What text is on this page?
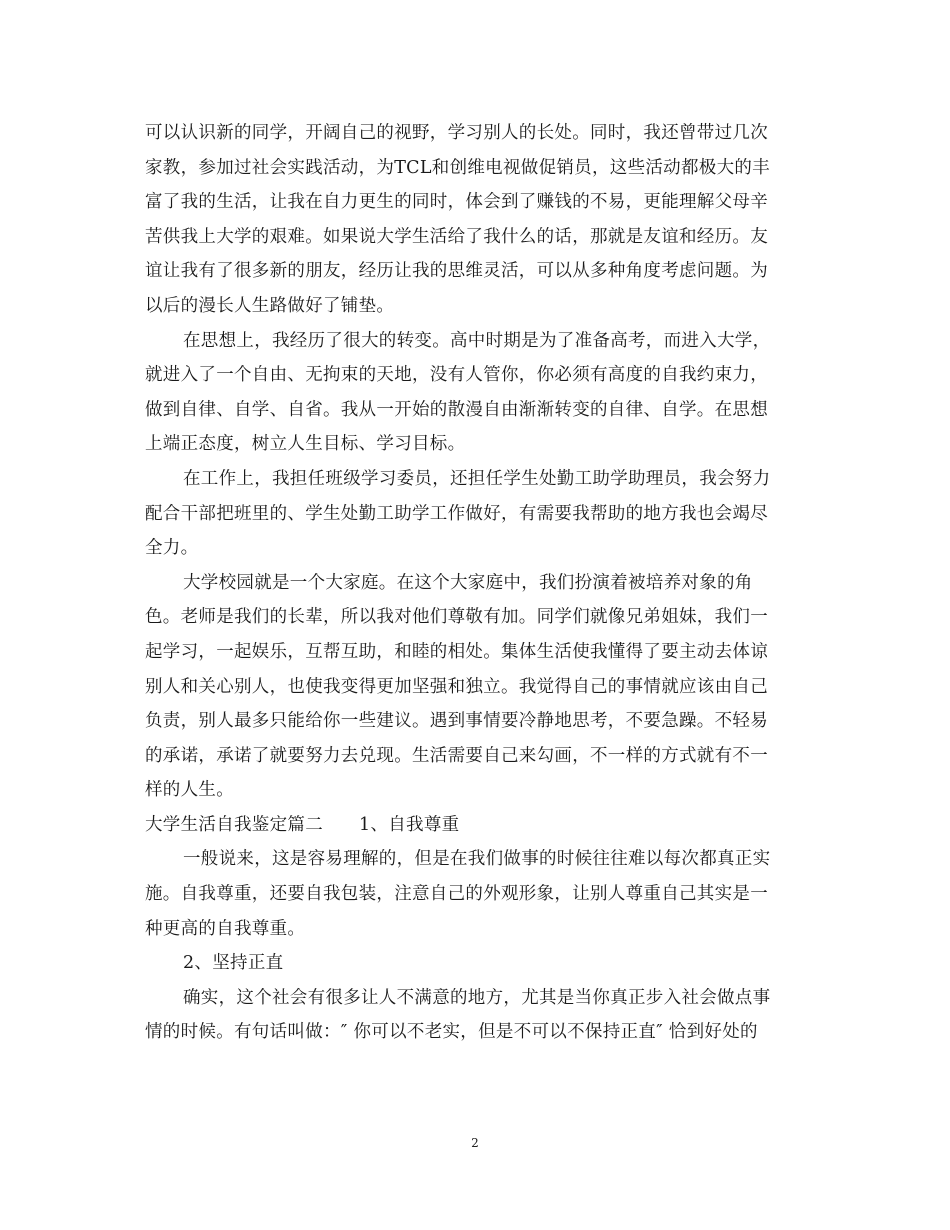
可以认识新的同学，开阔自己的视野，学习别人的长处。同时，我还曾带过几次
家教，参加过社会实践活动，为TCL和创维电视做促销员，这些活动都极大的丰
富了我的生活，让我在自力更生的同时，体会到了赚钱的不易，更能理解父母辛
苦供我上大学的艰难。如果说大学生活给了我什么的话，那就是友谊和经历。友
谊让我有了很多新的朋友，经历让我的思维灵活，可以从多种角度考虑问题。为
以后的漫长人生路做好了铺垫。
在思想上，我经历了很大的转变。高中时期是为了准备高考，而进入大学，
就进入了一个自由、无拘束的天地，没有人管你，你必须有高度的自我约束力，
做到自律、自学、自省。我从一开始的散漫自由渐渐转变的自律、自学。在思想
上端正态度，树立人生目标、学习目标。
在工作上，我担任班级学习委员，还担任学生处勤工助学助理员，我会努力
配合干部把班里的、学生处勤工助学工作做好，有需要我帮助的地方我也会竭尽
全力。
大学校园就是一个大家庭。在这个大家庭中，我们扮演着被培养对象的角
色。老师是我们的长辈，所以我对他们尊敬有加。同学们就像兄弟姐妹，我们一
起学习，一起娱乐，互帮互助，和睦的相处。集体生活使我懂得了要主动去体谅
别人和关心别人，也使我变得更加坚强和独立。我觉得自己的事情就应该由自己
负责，别人最多只能给你一些建议。遇到事情要冷静地思考，不要急躁。不轻易
的承诺，承诺了就要努力去兑现。生活需要自己来勾画，不一样的方式就有不一
样的人生。
大学生活自我鉴定篇二 1、自我尊重
一般说来，这是容易理解的，但是在我们做事的时候往往难以每次都真正实
施。自我尊重，还要自我包装，注意自己的外观形象，让别人尊重自己其实是一
种更高的自我尊重。
2、坚持正直
确实，这个社会有很多让人不满意的地方，尤其是当你真正步入社会做点事
情的时候。有句话叫做：″ 你可以不老实，但是不可以不保持正直″ 恰到好处的
2
